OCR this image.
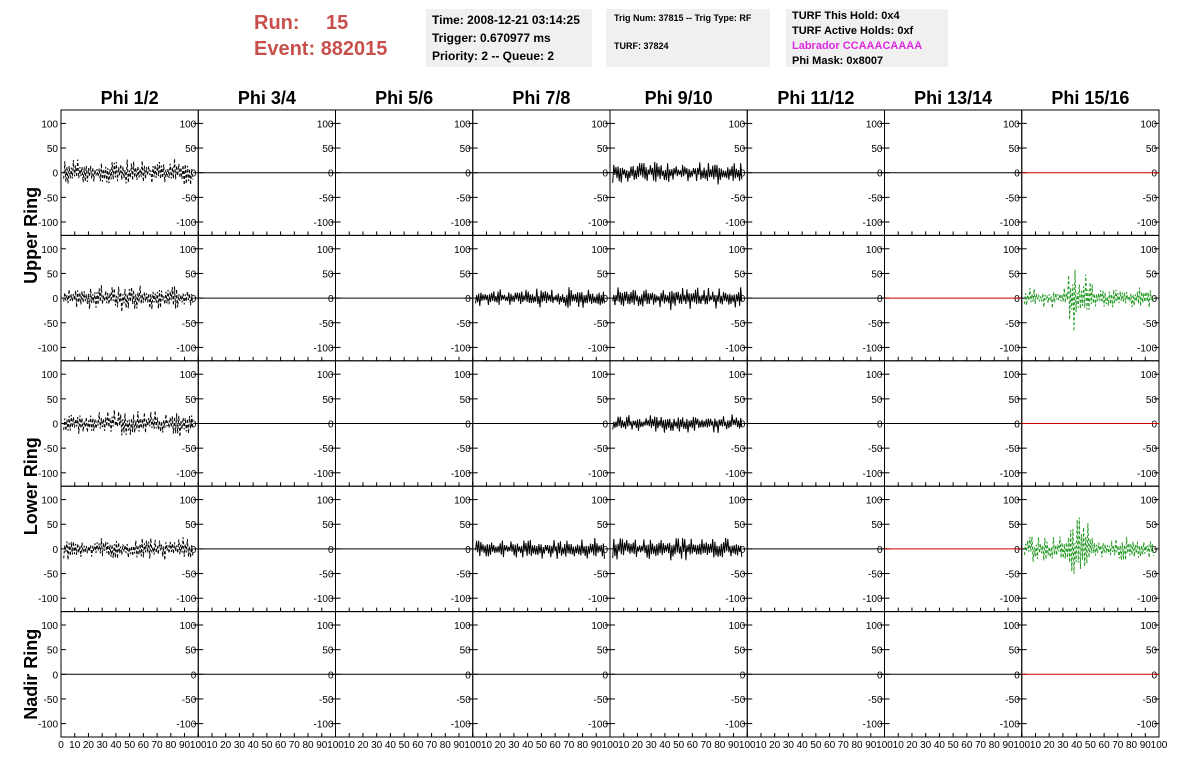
Run: 15
Event: 882015
Time: 2008-12-21 03:14:25
Trigger: 0.670977 ms
Priority: 2 -- Queue: 2
Trig Num: 37815 -- Trig Type: RF
TURF: 37824
TURF This Hold: 0x4
TURF Active Holds: 0xf
Labrador CCAAACAAAA
Phi Mask: 0x8007
Phi 1/2	Phi 3/4	Phi 5/6	Phi 7/8	Phi 9/10	Phi 11/12	Phi 13/14	Phi 15/16
Upper Ring
Lower Ring
Nadir Ring
100	100
50	50
0	0
-50	-50
-100	-100
100
50
0
-50
-100
100
50
0
-50
-100
100
50
0
-50
-100
100
50
0
-50
-100
100
50
0
-50
-100
100
50
0
-50
-100
100
50
0
-50
-100
100	100
50	50
0	0
-50	-50
-100	-100
100
50
0
-50
-100
100
50
0
-50
-100
100
50
0
-50
-100
100
50
0
-50
-100
100
50
0
-50
-100
100
50
0
-50
-100
100
50
0
-50
-100
100	100
50	50
0	0
-50	-50
-100	-100
100
50
0
-50
-100
100
50
0
-50
-100
100
50
0
-50
-100
100
50
0
-50
-100
100
50
0
-50
-100
100
50
0
-50
-100
100
50
0
-50
-100
100	100
50	50
0	0
-50	-50
-100	-100
100
50
0
-50
-100
100
50
0
-50
-100
100
50
0
-50
-100
100
50
0
-50
-100
100
50
0
-50
-100
100
50
0
-50
-100
100
50
0
-50
-100
100	100
50	50
0	0
-50	-50
-100	-100
100
50
0
-50
-100
100
50
0
-50
-100
100
50
0
-50
-100
100
50
0
-50
-100
100
50
0
-50
-100
100
50
0
-50
-100
100
50
0
-50
-100
0 10 20 30 40 50 60 70 80 90 100 10 20 30 40 50 60 70 80 90 100 10 20 30 40 50 60 70 80 90 100 10 20 30 40 50 60 70 80 90 100 10 20 30 40 50 60 70 80 90 100 10 20 30 40 50 60 70 80 90 100 10 20 30 40 50 60 70 80 90 100 10 20 30 40 50 60 70 80 90 100
